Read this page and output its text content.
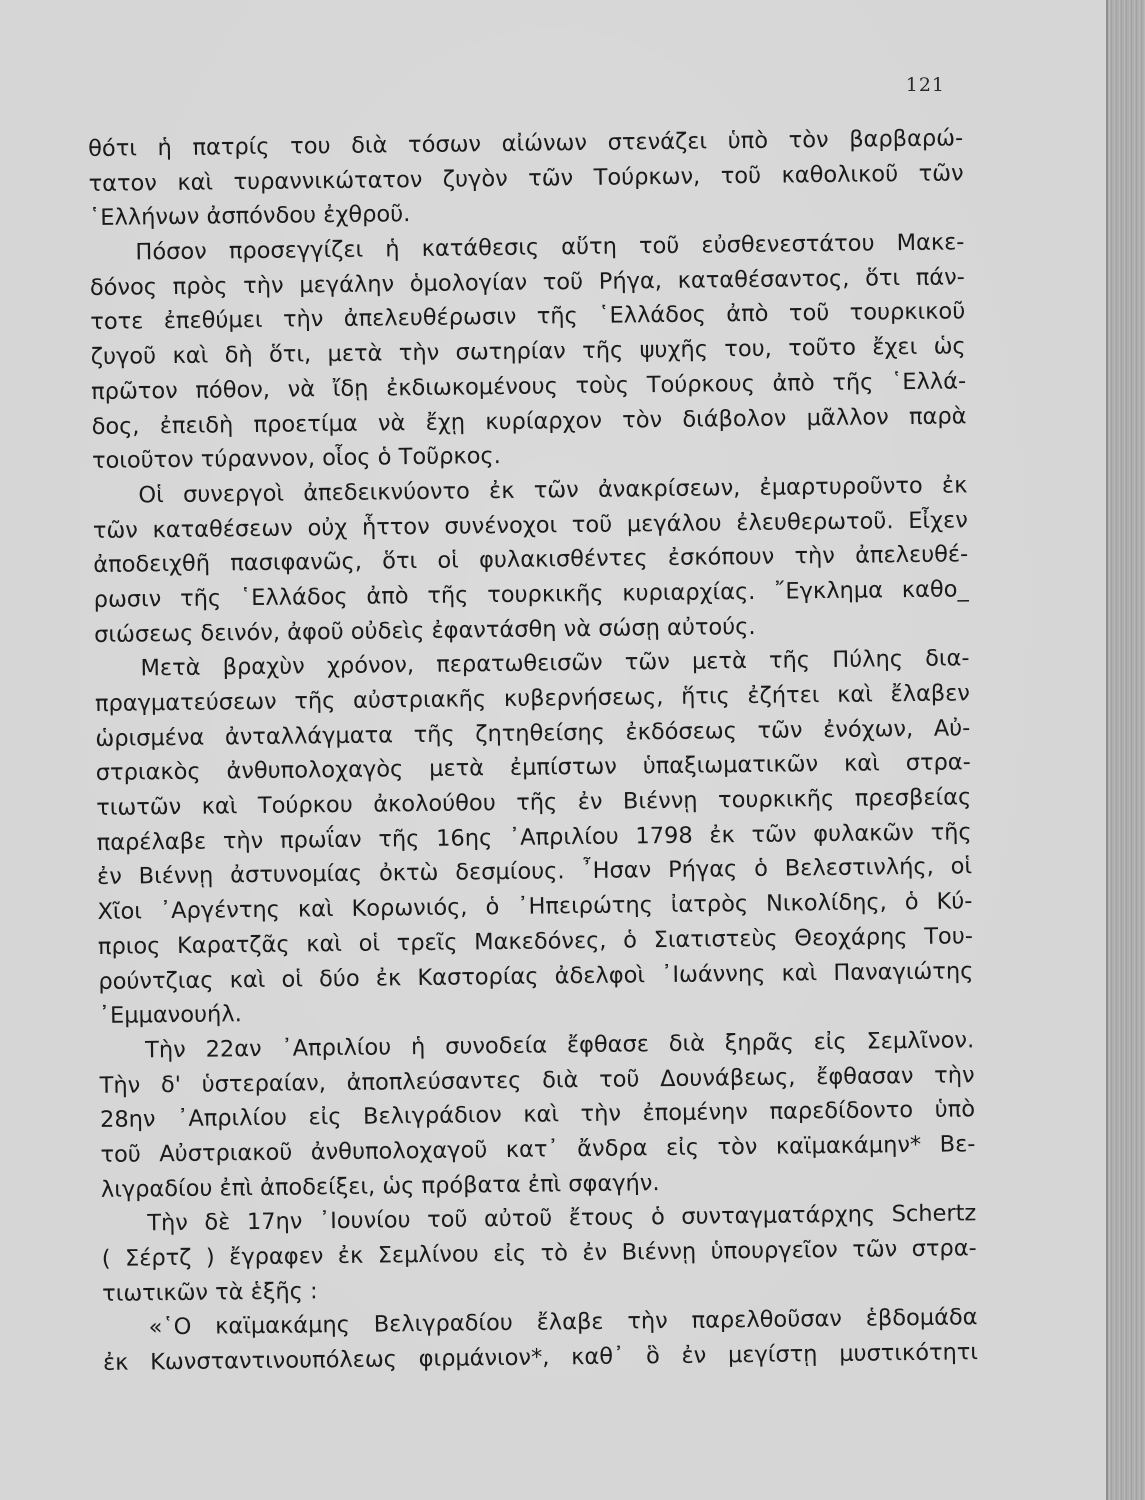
121
θότι ἡ πατρίς του διὰ τόσων αἰώνων στενάζει ὑπὸ τὸν βαρβαρώ-
τατον καὶ τυραννικώτατον ζυγὸν τῶν Τούρκων, τοῦ καθολικοῦ τῶν
῾Ελλήνων ἀσπόνδου ἐχθροῦ.
Πόσον προσεγγίζει ἡ κατάθεσις αὕτη τοῦ εὐσθενεστάτου Μακε-
δόνος πρὸς τὴν μεγάλην ὁμολογίαν τοῦ Ρήγα, καταθέσαντος, ὅτι πάν-
τοτε ἐπεθύμει τὴν ἀπελευθέρωσιν τῆς ῾Ελλάδος ἀπὸ τοῦ τουρκικοῦ
ζυγοῦ καὶ δὴ ὅτι, μετὰ τὴν σωτηρίαν τῆς ψυχῆς του, τοῦτο ἔχει ὡς
πρῶτον πόθον, νὰ ἴδῃ ἐκδιωκομένους τοὺς Τούρκους ἀπὸ τῆς ῾Ελλά-
δος, ἐπειδὴ προετίμα νὰ ἔχῃ κυρίαρχον τὸν διάβολον μᾶλλον παρὰ
τοιοῦτον τύραννον, οἷος ὁ Τοῦρκος.
Οἱ συνεργοὶ ἀπεδεικνύοντο ἐκ τῶν ἀνακρίσεων, ἐμαρτυροῦντο ἐκ
τῶν καταθέσεων οὐχ ἧττον συνένοχοι τοῦ μεγάλου ἐλευθερωτοῦ. Εἶχεν
ἀποδειχθῆ πασιφανῶς, ὅτι οἱ φυλακισθέντες ἐσκόπουν τὴν ἀπελευθέ-
ρωσιν τῆς ῾Ελλάδος ἀπὸ τῆς τουρκικῆς κυριαρχίας. ῎Εγκλημα καθο_
σιώσεως δεινόν, ἀφοῦ οὐδεὶς ἐφαντάσθη νὰ σώσῃ αὐτούς.
Μετὰ βραχὺν χρόνον, περατωθεισῶν τῶν μετὰ τῆς Πύλης δια-
πραγματεύσεων τῆς αὐστριακῆς κυβερνήσεως, ἥτις ἐζήτει καὶ ἔλαβεν
ὡρισμένα ἀνταλλάγματα τῆς ζητηθείσης ἐκδόσεως τῶν ἐνόχων, Αὐ-
στριακὸς ἀνθυπολοχαγὸς μετὰ ἐμπίστων ὑπαξιωματικῶν καὶ στρα-
τιωτῶν καὶ Τούρκου ἀκολούθου τῆς ἐν Βιέννῃ τουρκικῆς πρεσβείας
παρέλαβε τὴν πρωΐαν τῆς 16ης ᾿Απριλίου 1798 ἐκ τῶν φυλακῶν τῆς
ἐν Βιέννῃ ἀστυνομίας ὀκτὼ δεσμίους. ῏Ησαν Ρήγας ὁ Βελεστινλής, οἱ
Χῖοι ᾿Αργέντης καὶ Κορωνιός, ὁ ᾿Ηπειρώτης ἰατρὸς Νικολίδης, ὁ Κύ-
πριος Καρατζᾶς καὶ οἱ τρεῖς Μακεδόνες, ὁ Σιατιστεὺς Θεοχάρης Του-
ρούντζιας καὶ οἱ δύο ἐκ Καστορίας ἀδελφοὶ ᾿Ιωάννης καὶ Παναγιώτης
᾿Εμμανουήλ.
Τὴν 22αν ᾿Απριλίου ἡ συνοδεία ἔφθασε διὰ ξηρᾶς εἰς Σεμλῖνον.
Τὴν δ' ὑστεραίαν, ἀποπλεύσαντες διὰ τοῦ Δουνάβεως, ἔφθασαν τὴν
28ην ᾿Απριλίου εἰς Βελιγράδιον καὶ τὴν ἐπομένην παρεδίδοντο ὑπὸ
τοῦ Αὐστριακοῦ ἀνθυπολοχαγοῦ κατ᾿ ἄνδρα εἰς τὸν καϊμακάμην* Βε-
λιγραδίου ἐπὶ ἀποδείξει, ὡς πρόβατα ἐπὶ σφαγήν.
Τὴν δὲ 17ην ᾿Ιουνίου τοῦ αὐτοῦ ἔτους ὁ συνταγματάρχης Schertz
( Σέρτζ ) ἔγραφεν ἐκ Σεμλίνου εἰς τὸ ἐν Βιέννῃ ὑπουργεῖον τῶν στρα-
τιωτικῶν τὰ ἑξῆς :
«῾Ο καϊμακάμης Βελιγραδίου ἔλαβε τὴν παρελθοῦσαν ἑβδομάδα
ἐκ Κωνσταντινουπόλεως φιρμάνιον*, καθ᾿ ὃ ἐν μεγίστῃ μυστικότητι
